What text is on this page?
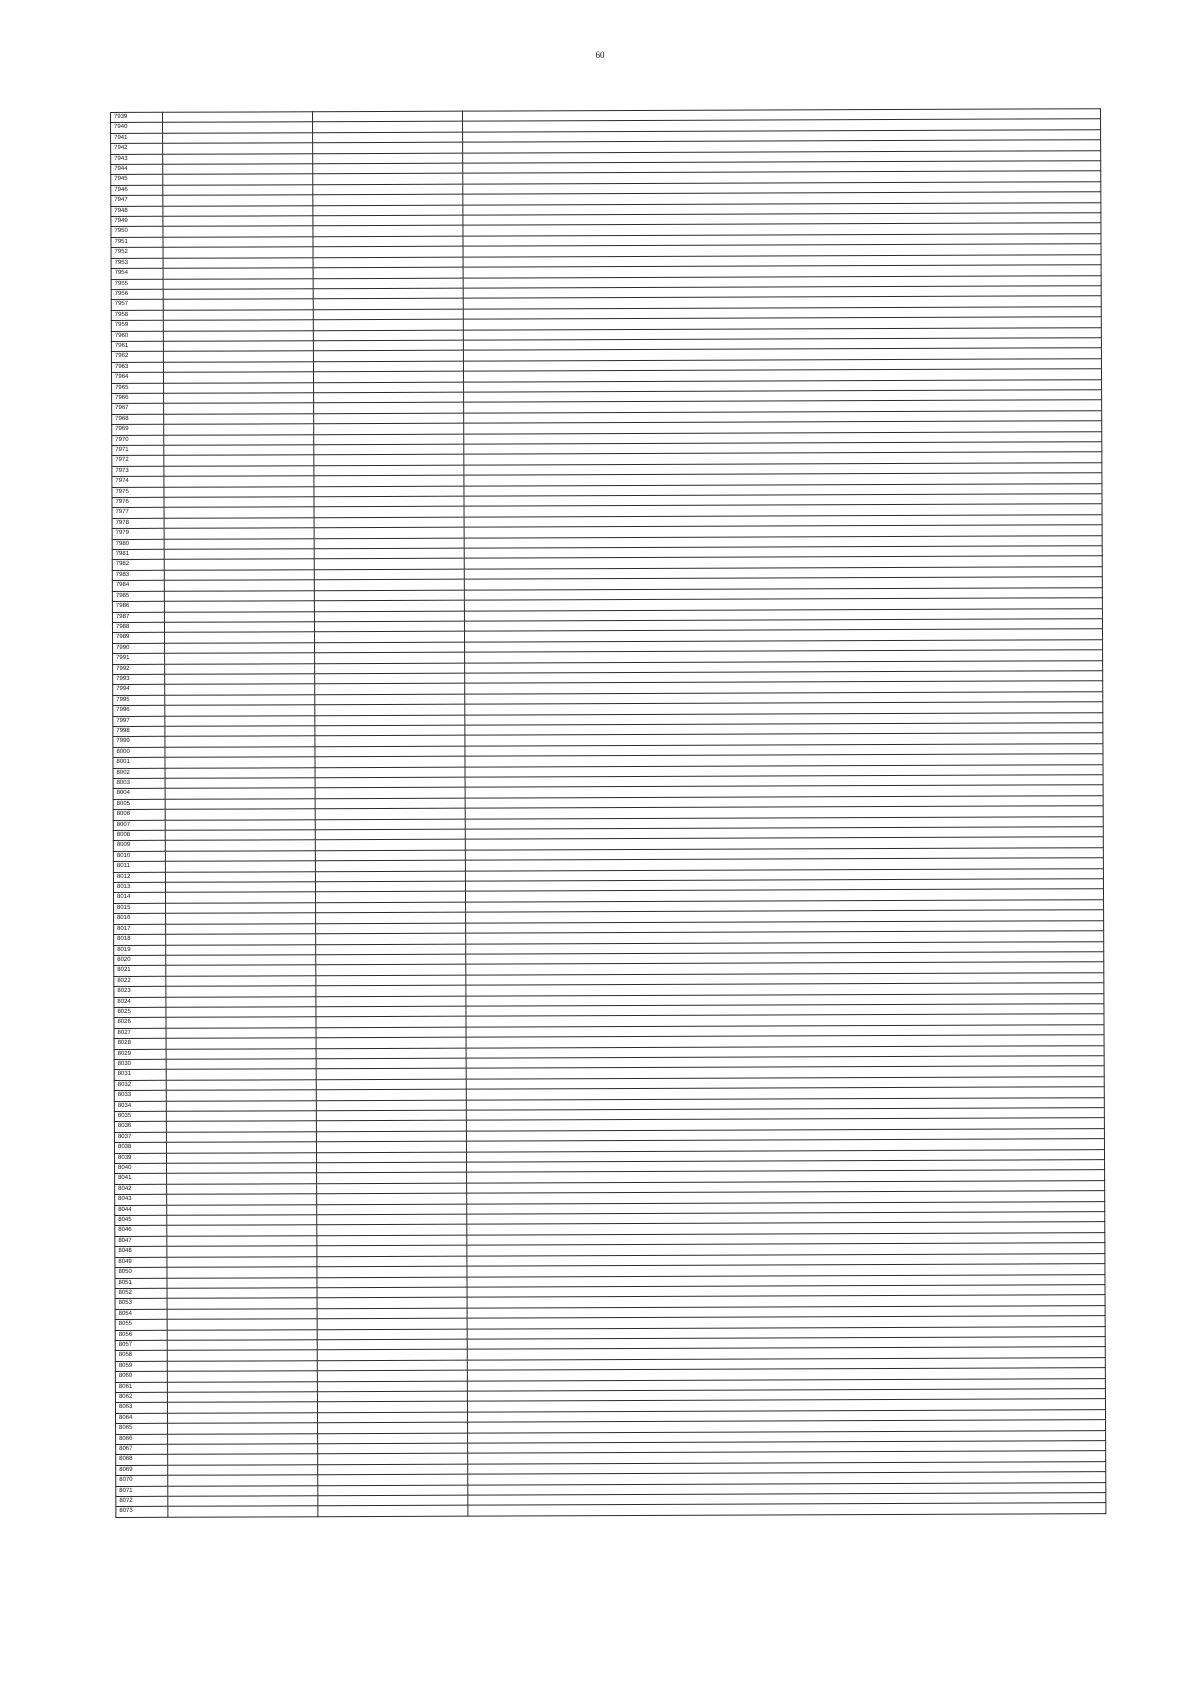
60
7939			
7940			
7941			
7942			
7943			
7944			
7945			
7946			
7947			
7948			
7949			
7950			
7951			
7952			
7953			
7954			
7955			
7956			
7957			
7958			
7959			
7960			
7961			
7962			
7963			
7964			
7965			
7966			
7967			
7968			
7969			
7970			
7971			
7972			
7973			
7974			
7975			
7976			
7977			
7978			
7979			
7980			
7981			
7982			
7983			
7984			
7985			
7986			
7987			
7988			
7989			
7990			
7991			
7992			
7993			
7994			
7995			
7996			
7997			
7998			
7999			
8000			
8001			
8002			
8003			
8004			
8005			
8006			
8007			
8008			
8009			
8010			
8011			
8012			
8013			
8014			
8015			
8016			
8017			
8018			
8019			
8020			
8021			
8022			
8023			
8024			
8025			
8026			
8027			
8028			
8029			
8030			
8031			
8032			
8033			
8034			
8035			
8036			
8037			
8038			
8039			
8040			
8041			
8042			
8043			
8044			
8045			
8046			
8047			
8048			
8049			
8050			
8051			
8052			
8053			
8054			
8055			
8056			
8057			
8058			
8059			
8060			
8061			
8062			
8063			
8064			
8065			
8066			
8067			
8068			
8069			
8070			
8071			
8072			
8073			
